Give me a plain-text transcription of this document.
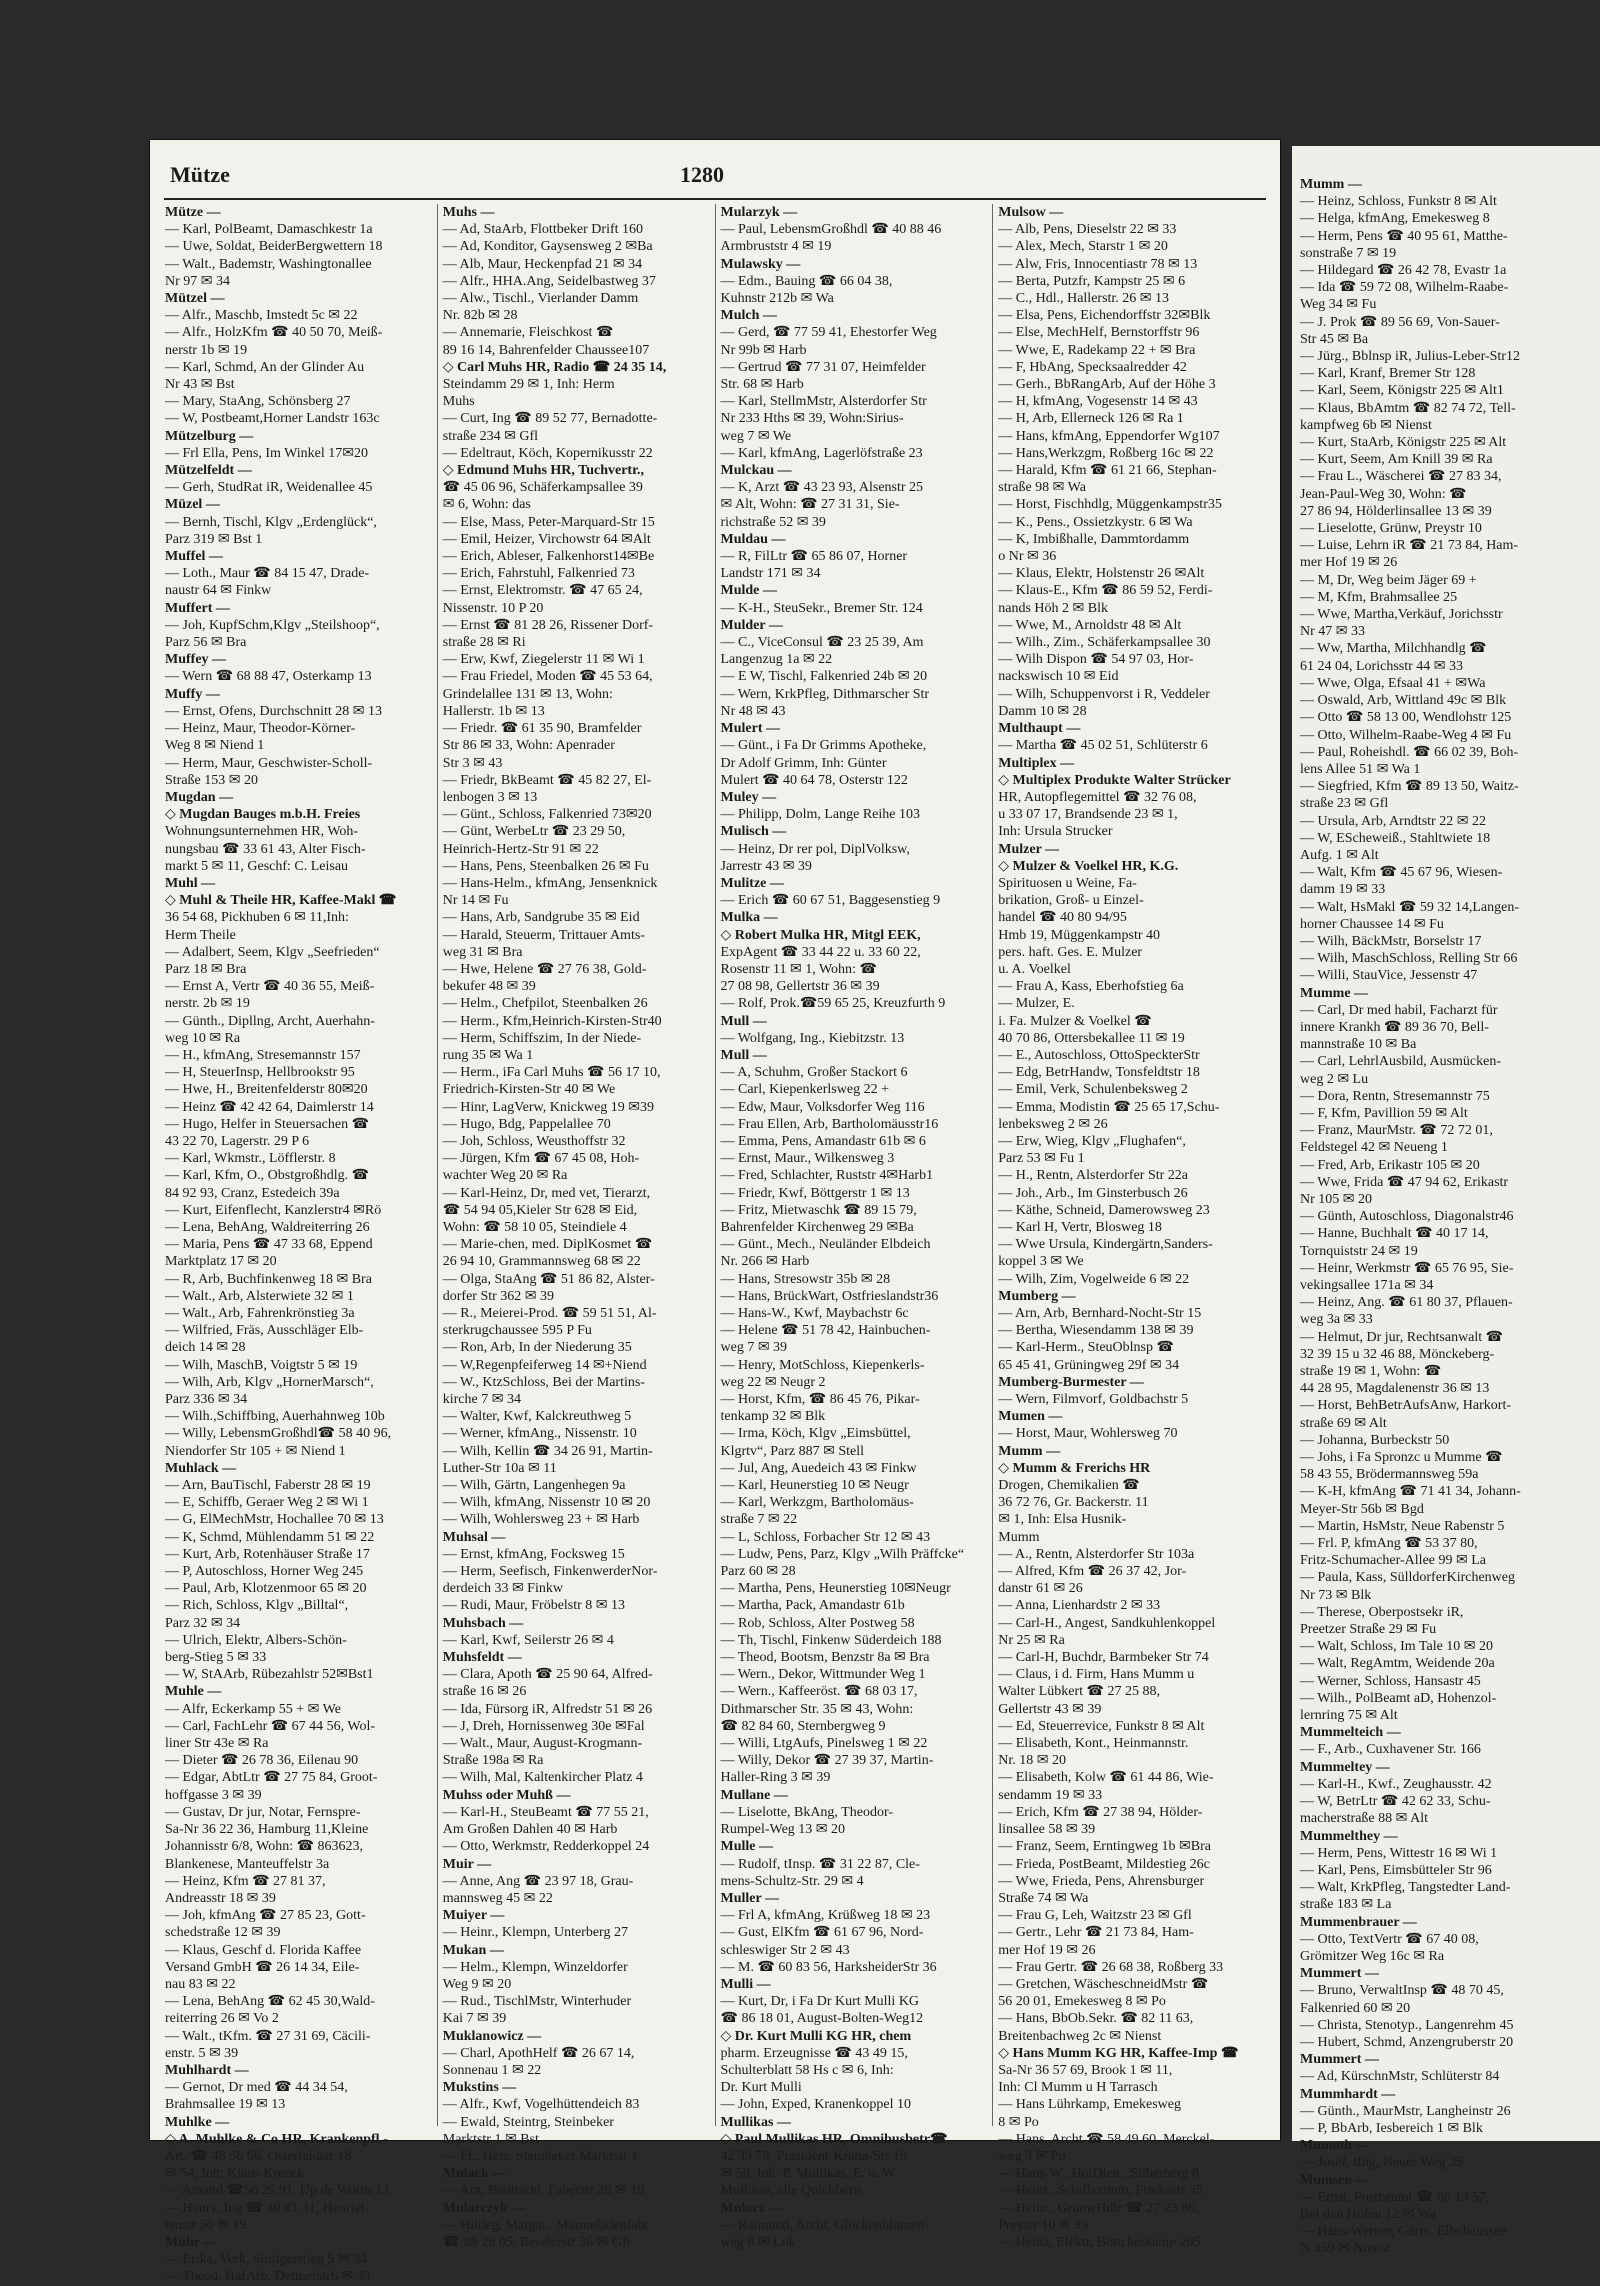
Mütze	1280
Mütze —
— Karl, PolBeamt, Damaschkestr 1a
— Uwe, Soldat, BeiderBergwettern 18
— Walt., Bademstr, Washingtonallee
Nr 97 ✉ 34
Mützel —
— Alfr., Maschb, Imstedt 5c ✉ 22
— Alfr., HolzKfm ☎ 40 50 70, Meiß-
nerstr 1b ✉ 19
— Karl, Schmd, An der Glinder Au
Nr 43 ✉ Bst
— Mary, StaAng, Schönsberg 27
— W, Postbeamt,Horner Landstr 163c
Mützelburg —
— Frl Ella, Pens, Im Winkel 17✉20
Mützelfeldt —
— Gerh, StudRat iR, Weidenallee 45
Müzel —
— Bernh, Tischl, Klgv „Erdenglück“,
Parz 319 ✉ Bst 1
Muffel —
— Loth., Maur ☎ 84 15 47, Drade-
naustr 64 ✉ Finkw
Muffert —
— Joh, KupfSchm,Klgv „Steilshoop“,
Parz 56 ✉ Bra
Muffey —
— Wern ☎ 68 88 47, Osterkamp 13
Muffy —
— Ernst, Ofens, Durchschnitt 28 ✉ 13
— Heinz, Maur, Theodor-Körner-
Weg 8 ✉ Niend 1
— Herm, Maur, Geschwister-Scholl-
Straße 153 ✉ 20
Mugdan —
◇ Mugdan Bauges m.b.H. Freies
Wohnungsunternehmen HR, Woh-
nungsbau ☎ 33 61 43, Alter Fisch-
markt 5 ✉ 11, Geschf: C. Leisau
Muhl —
◇ Muhl & Theile HR, Kaffee-Makl ☎
36 54 68, Pickhuben 6 ✉ 11,Inh:
Herm Theile
— Adalbert, Seem, Klgv „Seefrieden“
Parz 18 ✉ Bra
— Ernst A, Vertr ☎ 40 36 55, Meiß-
nerstr. 2b ✉ 19
— Günth., Dipllng, Archt, Auerhahn-
weg 10 ✉ Ra
— H., kfmAng, Stresemannstr 157
— H, SteuerInsp, Hellbrookstr 95
— Hwe, H., Breitenfelderstr 80✉20
— Heinz ☎ 42 42 64, Daimlerstr 14
— Hugo, Helfer in Steuersachen ☎
43 22 70, Lagerstr. 29 P 6
— Karl, Wkmstr., Löfflerstr. 8
— Karl, Kfm, O., Obstgroßhdlg. ☎
84 92 93, Cranz, Estedeich 39a
— Kurt, Eifenflecht, Kanzlerstr4 ✉Rö
— Lena, BehAng, Waldreiterring 26
— Maria, Pens ☎ 47 33 68, Eppend
Marktplatz 17 ✉ 20
— R, Arb, Buchfinkenweg 18 ✉ Bra
— Walt., Arb, Alsterwiete 32 ✉ 1
— Walt., Arb, Fahrenkrönstieg 3a
— Wilfried, Fräs, Ausschläger Elb-
deich 14 ✉ 28
— Wilh, MaschB, Voigtstr 5 ✉ 19
— Wilh, Arb, Klgv „HornerMarsch“,
Parz 336 ✉ 34
— Wilh.,Schiffbing, Auerhahnweg 10b
— Willy, LebensmGroßhdl☎ 58 40 96,
Niendorfer Str 105 + ✉ Niend 1
Muhlack —
— Arn, BauTischl, Faberstr 28 ✉ 19
— E, Schiffb, Geraer Weg 2 ✉ Wi 1
— G, ElMechMstr, Hochallee 70 ✉ 13
— K, Schmd, Mühlendamm 51 ✉ 22
— Kurt, Arb, Rotenhäuser Straße 17
— P, Autoschloss, Horner Weg 245
— Paul, Arb, Klotzenmoor 65 ✉ 20
— Rich, Schloss, Klgv „Billtal“,
Parz 32 ✉ 34
— Ulrich, Elektr, Albers-Schön-
berg-Stieg 5 ✉ 33
— W, StAArb, Rübezahlstr 52✉Bst1
Muhle —
— Alfr, Eckerkamp 55 + ✉ We
— Carl, FachLehr ☎ 67 44 56, Wol-
liner Str 43e ✉ Ra
— Dieter ☎ 26 78 36, Eilenau 90
— Edgar, AbtLtr ☎ 27 75 84, Groot-
hoffgasse 3 ✉ 39
— Gustav, Dr jur, Notar, Fernspre-
Sa-Nr 36 22 36, Hamburg 11,Kleine
Johannisstr 6/8, Wohn: ☎ 863623,
Blankenese, Manteuffelstr 3a
— Heinz, Kfm ☎ 27 81 37,
Andreasstr 18 ✉ 39
— Joh, kfmAng ☎ 27 85 23, Gott-
schedstraße 12 ✉ 39
— Klaus, Geschf d. Florida Kaffee
Versand GmbH ☎ 26 14 34, Eile-
nau 83 ✉ 22
— Lena, BehAng ☎ 62 45 30,Wald-
reiterring 26 ✉ Vo 2
— Walt., tKfm. ☎ 27 31 69, Cäcili-
enstr. 5 ✉ 39
Muhlhardt —
— Gernot, Dr med ☎ 44 34 54,
Brahmsallee 19 ✉ 13
Muhlke —
◇ A. Muhlke & Co HR, Krankenpfl.-
Art. ☎ 48 56 66, Osterfeldstr 18
✉ 54, Inh: Klaus Kreeck
— Amand ☎56 25 91, Up de Worth 13
— Henry, Ing ☎ 40 81 31, Henriet-
tenstr 50 ✉ 19
Muhr —
— Erika, Verk, Smitgerstieg 5 ✉ 34
— Theod, HafArb, Detmerstr6 ✉ 33
Muhs —
— Ad, StaArb, Flottbeker Drift 160
— Ad, Konditor, Gaysensweg 2 ✉Ba
— Alb, Maur, Heckenpfad 21 ✉ 34
— Alfr., HHA.Ang, Seidelbastweg 37
— Alw., Tischl., Vierlander Damm
Nr. 82b ✉ 28
— Annemarie, Fleischkost ☎
89 16 14, Bahrenfelder Chaussee107
◇ Carl Muhs HR, Radio ☎ 24 35 14,
Steindamm 29 ✉ 1, Inh: Herm
Muhs
— Curt, Ing ☎ 89 52 77, Bernadotte-
straße 234 ✉ Gfl
— Edeltraut, Köch, Kopernikusstr 22
◇ Edmund Muhs HR, Tuchvertr.,
☎ 45 06 96, Schäferkampsallee 39
✉ 6, Wohn: das
— Else, Mass, Peter-Marquard-Str 15
— Emil, Heizer, Virchowstr 64 ✉Alt
— Erich, Ableser, Falkenhorst14✉Be
— Erich, Fahrstuhl, Falkenried 73
— Ernst, Elektromstr. ☎ 47 65 24,
Nissenstr. 10 P 20
— Ernst ☎ 81 28 26, Rissener Dorf-
straße 28 ✉ Ri
— Erw, Kwf, Ziegelerstr 11 ✉ Wi 1
— Frau Friedel, Moden ☎ 45 53 64,
Grindelallee 131 ✉ 13, Wohn:
Hallerstr. 1b ✉ 13
— Friedr. ☎ 61 35 90, Bramfelder
Str 86 ✉ 33, Wohn: Apenrader
Str 3 ✉ 43
— Friedr, BkBeamt ☎ 45 82 27, El-
lenbogen 3 ✉ 13
— Günt., Schloss, Falkenried 73✉20
— Günt, WerbeLtr ☎ 23 29 50,
Heinrich-Hertz-Str 91 ✉ 22
— Hans, Pens, Steenbalken 26 ✉ Fu
— Hans-Helm., kfmAng, Jensenknick
Nr 14 ✉ Fu
— Hans, Arb, Sandgrube 35 ✉ Eid
— Harald, Steuerm, Trittauer Amts-
weg 31 ✉ Bra
— Hwe, Helene ☎ 27 76 38, Gold-
bekufer 48 ✉ 39
— Helm., Chefpilot, Steenbalken 26
— Herm., Kfm,Heinrich-Kirsten-Str40
— Herm, Schiffszim, In der Niede-
rung 35 ✉ Wa 1
— Herm., iFa Carl Muhs ☎ 56 17 10,
Friedrich-Kirsten-Str 40 ✉ We
— Hinr, LagVerw, Knickweg 19 ✉39
— Hugo, Bdg, Pappelallee 70
— Joh, Schloss, Weusthoffstr 32
— Jürgen, Kfm ☎ 67 45 08, Hoh-
wachter Weg 20 ✉ Ra
— Karl-Heinz, Dr, med vet, Tierarzt,
☎ 54 94 05,Kieler Str 628 ✉ Eid,
Wohn: ☎ 58 10 05, Steindiele 4
— Marie-chen, med. DiplKosmet ☎
26 94 10, Grammannsweg 68 ✉ 22
— Olga, StaAng ☎ 51 86 82, Alster-
dorfer Str 362 ✉ 39
— R., Meierei-Prod. ☎ 59 51 51, Al-
sterkrugchaussee 595 P Fu
— Ron, Arb, In der Niederung 35
— W,Regenpfeiferweg 14 ✉+Niend
— W., KtzSchloss, Bei der Martins-
kirche 7 ✉ 34
— Walter, Kwf, Kalckreuthweg 5
— Werner, kfmAng., Nissenstr. 10
— Wilh, Kellin ☎ 34 26 91, Martin-
Luther-Str 10a ✉ 11
— Wilh, Gärtn, Langenhegen 9a
— Wilh, kfmAng, Nissenstr 10 ✉ 20
— Wilh, Wohlersweg 23 + ✉ Harb
Muhsal —
— Ernst, kfmAng, Focksweg 15
— Herm, Seefisch, FinkenwerderNor-
derdeich 33 ✉ Finkw
— Rudi, Maur, Fröbelstr 8 ✉ 13
Muhsbach —
— Karl, Kwf, Seilerstr 26 ✉ 4
Muhsfeldt —
— Clara, Apoth ☎ 25 90 64, Alfred-
straße 16 ✉ 26
— Ida, Fürsorg iR, Alfredstr 51 ✉ 26
— J, Dreh, Hornissenweg 30e ✉Fal
— Walt., Maur, August-Krogmann-
Straße 198a ✉ Ra
— Wilh, Mal, Kaltenkircher Platz 4
Muhss oder Muhß —
— Karl-H., SteuBeamt ☎ 77 55 21,
Am Großen Dahlen 40 ✉ Harb
— Otto, Werkmstr, Redderkoppel 24
Muir —
— Anne, Ang ☎ 23 97 18, Grau-
mannsweg 45 ✉ 22
Muiyer —
— Heinr., Klempn, Unterberg 27
Mukan —
— Helm., Klempn, Winzeldorfer
Weg 9 ✉ 20
— Rud., TischlMstr, Winterhuder
Kai 7 ✉ 39
Muklanowicz —
— Charl, ApothHelf ☎ 26 67 14,
Sonnenau 1 ✉ 22
Mukstins —
— Alfr., Kwf, Vogelhüttendeich 83
— Ewald, Steintrg, Steinbeker
Marktstr 1 ✉ Bst
— Fr., Heiz, Steinbeker Marktstr 1
Mulack —
— Arn, Bautischl, Faberstr 28 ✉ 19
Mularczyk —
— Hildeg, Margar., Marmeladenfabr
☎ 89 29 05, Beselerstr 36 ✉ Gfl
Mularzyk —
— Paul, LebensmGroßhdl ☎ 40 88 46
Armbruststr 4 ✉ 19
Mulawsky —
— Edm., Bauing ☎ 66 04 38,
Kuhnstr 212b ✉ Wa
Mulch —
— Gerd, ☎ 77 59 41, Ehestorfer Weg
Nr 99b ✉ Harb
— Gertrud ☎ 77 31 07, Heimfelder
Str. 68 ✉ Harb
— Karl, StellmMstr, Alsterdorfer Str
Nr 233 Hths ✉ 39, Wohn:Sirius-
weg 7 ✉ We
— Karl, kfmAng, Lagerlöfstraße 23
Mulckau —
— K, Arzt ☎ 43 23 93, Alsenstr 25
✉ Alt, Wohn: ☎ 27 31 31, Sie-
richstraße 52 ✉ 39
Muldau —
— R, FilLtr ☎ 65 86 07, Horner
Landstr 171 ✉ 34
Mulde —
— K-H., SteuSekr., Bremer Str. 124
Mulder —
— C., ViceConsul ☎ 23 25 39, Am
Langenzug 1a ✉ 22
— E W, Tischl, Falkenried 24b ✉ 20
— Wern, KrkPfleg, Dithmarscher Str
Nr 48 ✉ 43
Mulert —
— Günt., i Fa Dr Grimms Apotheke,
Dr Adolf Grimm, Inh: Günter
Mulert ☎ 40 64 78, Osterstr 122
Muley —
— Philipp, Dolm, Lange Reihe 103
Mulisch —
— Heinz, Dr rer pol, DiplVolksw,
Jarrestr 43 ✉ 39
Mulitze —
— Erich ☎ 60 67 51, Baggesenstieg 9
Mulka —
◇ Robert Mulka HR, Mitgl EEK,
ExpAgent ☎ 33 44 22 u. 33 60 22,
Rosenstr 11 ✉ 1, Wohn: ☎
27 08 98, Gellertstr 36 ✉ 39
— Rolf, Prok.☎59 65 25, Kreuzfurth 9
Mull —
— Wolfgang, Ing., Kiebitzstr. 13
Mull —
— A, Schuhm, Großer Stackort 6
— Carl, Kiepenkerlsweg 22 +
— Edw, Maur, Volksdorfer Weg 116
— Frau Ellen, Arb, Bartholomäusstr16
— Emma, Pens, Amandastr 61b ✉ 6
— Ernst, Maur., Wilkensweg 3
— Fred, Schlachter, Ruststr 4✉Harb1
— Friedr, Kwf, Böttgerstr 1 ✉ 13
— Fritz, Mietwaschk ☎ 89 15 79,
Bahrenfelder Kirchenweg 29 ✉Ba
— Günt., Mech., Neuländer Elbdeich
Nr. 266 ✉ Harb
— Hans, Stresowstr 35b ✉ 28
— Hans, BrückWart, Ostfrieslandstr36
— Hans-W., Kwf, Maybachstr 6c
— Helene ☎ 51 78 42, Hainbuchen-
weg 7 ✉ 39
— Henry, MotSchloss, Kiepenkerls-
weg 22 ✉ Neugr 2
— Horst, Kfm, ☎ 86 45 76, Pikar-
tenkamp 32 ✉ Blk
— Irma, Köch, Klgv „Eimsbüttel,
Klgrtv“, Parz 887 ✉ Stell
— Jul, Ang, Auedeich 43 ✉ Finkw
— Karl, Heunerstieg 10 ✉ Neugr
— Karl, Werkzgm, Bartholomäus-
straße 7 ✉ 22
— L, Schloss, Forbacher Str 12 ✉ 43
— Ludw, Pens, Parz, Klgv „Wilh Präffcke“
Parz 60 ✉ 28
— Martha, Pens, Heunerstieg 10✉Neugr
— Martha, Pack, Amandastr 61b
— Rob, Schloss, Alter Postweg 58
— Th, Tischl, Finkenw Süderdeich 188
— Theod, Bootsm, Benzstr 8a ✉ Bra
— Wern., Dekor, Wittmunder Weg 1
— Wern., Kaffeeröst. ☎ 68 03 17,
Dithmarscher Str. 35 ✉ 43, Wohn:
☎ 82 84 60, Sternbergweg 9
— Willi, LtgAufs, Pinelsweg 1 ✉ 22
— Willy, Dekor ☎ 27 39 37, Martin-
Haller-Ring 3 ✉ 39
Mullane —
— Liselotte, BkAng, Theodor-
Rumpel-Weg 13 ✉ 20
Mulle —
— Rudolf, tInsp. ☎ 31 22 87, Cle-
mens-Schultz-Str. 29 ✉ 4
Muller —
— Frl A, kfmAng, Krüßweg 18 ✉ 23
— Gust, ElKfm ☎ 61 67 96, Nord-
schleswiger Str 2 ✉ 43
— M. ☎ 60 83 56, HarksheiderStr 36
Mulli —
— Kurt, Dr, i Fa Dr Kurt Mulli KG
☎ 86 18 01, August-Bolten-Weg12
◇ Dr. Kurt Mulli KG HR, chem
pharm. Erzeugnisse ☎ 43 49 15,
Schulterblatt 58 Hs c ✉ 6, Inh:
Dr. Kurt Mulli
— John, Exped, Kranenkoppel 10
Mullikas —
◇ Paul Mullikas HR, Omnibusbetr☎
42 39 78, Präsident-Krahn-Str 19
✉ 50, Inh: P. Mullikas, E. u. W.
Mullikas, alle Quickborn
Mulorz —
— Raimund, Archt, Glockenblumen-
weg 6 ✉ Lok
Mulsow —
— Alb, Pens, Dieselstr 22 ✉ 33
— Alex, Mech, Starstr 1 ✉ 20
— Alw, Fris, Innocentiastr 78 ✉ 13
— Berta, Putzfr, Kampstr 25 ✉ 6
— C., Hdl., Hallerstr. 26 ✉ 13
— Elsa, Pens, Eichendorffstr 32✉Blk
— Else, MechHelf, Bernstorffstr 96
— Wwe, E, Radekamp 22 + ✉ Bra
— F, HbAng, Specksaalredder 42
— Gerh., BbRangArb, Auf der Höhe 3
— H, kfmAng, Vogesenstr 14 ✉ 43
— H, Arb, Ellerneck 126 ✉ Ra 1
— Hans, kfmAng, Eppendorfer Wg107
— Hans,Werkzgm, Roßberg 16c ✉ 22
— Harald, Kfm ☎ 61 21 66, Stephan-
straße 98 ✉ Wa
— Horst, Fischhdlg, Müggenkampstr35
— K., Pens., Ossietzkystr. 6 ✉ Wa
— K, Imbißhalle, Dammtordamm
o Nr ✉ 36
— Klaus, Elektr, Holstenstr 26 ✉Alt
— Klaus-E., Kfm ☎ 86 59 52, Ferdi-
nands Höh 2 ✉ Blk
— Wwe, M., Arnoldstr 48 ✉ Alt
— Wilh., Zim., Schäferkampsallee 30
— Wilh Dispon ☎ 54 97 03, Hor-
nackswisch 10 ✉ Eid
— Wilh, Schuppenvorst i R, Veddeler
Damm 10 ✉ 28
Multhaupt —
— Martha ☎ 45 02 51, Schlüterstr 6
Multiplex —
◇ Multiplex Produkte Walter Strücker
HR, Autopflegemittel ☎ 32 76 08,
u 33 07 17, Brandsende 23 ✉ 1,
Inh: Ursula Strucker
Mulzer —
◇ Mulzer & Voelkel HR, K.G.
Spirituosen u Weine, Fa-
brikation, Groß- u Einzel-
handel ☎ 40 80 94/95
Hmb 19, Müggenkampstr 40
pers. haft. Ges. E. Mulzer
u. A. Voelkel
— Frau A, Kass, Eberhofstieg 6a
— Mulzer, E.
i. Fa. Mulzer & Voelkel ☎
40 70 86, Ottersbekallee 11 ✉ 19
— E., Autoschloss, OttoSpeckterStr
— Edg, BetrHandw, Tonsfeldtstr 18
— Emil, Verk, Schulenbeksweg 2
— Emma, Modistin ☎ 25 65 17,Schu-
lenbeksweg 2 ✉ 26
— Erw, Wieg, Klgv „Flughafen“,
Parz 53 ✉ Fu 1
— H., Rentn, Alsterdorfer Str 22a
— Joh., Arb., Im Ginsterbusch 26
— Käthe, Schneid, Damerowsweg 23
— Karl H, Vertr, Blosweg 18
— Wwe Ursula, Kindergärtn,Sanders-
koppel 3 ✉ We
— Wilh, Zim, Vogelweide 6 ✉ 22
Mumberg —
— Arn, Arb, Bernhard-Nocht-Str 15
— Bertha, Wiesendamm 138 ✉ 39
— Karl-Herm., SteuOblnsp ☎
65 45 41, Grüningweg 29f ✉ 34
Mumberg-Burmester —
— Wern, Filmvorf, Goldbachstr 5
Mumen —
— Horst, Maur, Wohlersweg 70
Mumm —
◇ Mumm & Frerichs HR
Drogen, Chemikalien ☎
36 72 76, Gr. Backerstr. 11
✉ 1, Inh: Elsa Husnik-
Mumm
— A., Rentn, Alsterdorfer Str 103a
— Alfred, Kfm ☎ 26 37 42, Jor-
danstr 61 ✉ 26
— Anna, Lienhardstr 2 ✉ 33
— Carl-H., Angest, Sandkuhlenkoppel
Nr 25 ✉ Ra
— Carl-H, Buchdr, Barmbeker Str 74
— Claus, i d. Firm, Hans Mumm u
Walter Lübkert ☎ 27 25 88,
Gellertstr 43 ✉ 39
— Ed, Steuerrevice, Funkstr 8 ✉ Alt
— Elisabeth, Kont., Heinmannstr.
Nr. 18 ✉ 20
— Elisabeth, Kolw ☎ 61 44 86, Wie-
sendamm 19 ✉ 33
— Erich, Kfm ☎ 27 38 94, Hölder-
linsallee 58 ✉ 39
— Franz, Seem, Erntingweg 1b ✉Bra
— Frieda, PostBeamt, Mildestieg 26c
— Wwe, Frieda, Pens, Ahrensburger
Straße 74 ✉ Wa
— Frau G, Leh, Waitzstr 23 ✉ Gfl
— Gertr., Lehr ☎ 21 73 84, Ham-
mer Hof 19 ✉ 26
— Frau Gertr. ☎ 26 68 38, Roßberg 33
— Gretchen, WäscheschneidMstr ☎
56 20 01, Emekesweg 8 ✉ Po
— Hans, BbOb.Sekr. ☎ 82 11 63,
Breitenbachweg 2c ✉ Nienst
◇ Hans Mumm KG HR, Kaffee-Imp ☎
Sa-Nr 36 57 69, Brook 1 ✉ 11,
Inh: Cl Mumm u H Tarrasch
— Hans Lührkamp, Emekesweg
8 ✉ Po
— Hans, Archt ☎ 58 49 60, Merckel-
weg 3 ✉ Po
— Hans-W., HotDien., Silberberg 8
— Heinr., Schiffszimm, Frickestr 35
— Heinr., GrünwHdlr ☎ 27 23 86,
Preystr 10 ✉ 39
— Heinz, Elektr, Böttcherkamp 205
Mumm —
— Heinz, Schloss, Funkstr 8 ✉ Alt
— Helga, kfmAng, Emekesweg 8
— Herm, Pens ☎ 40 95 61, Matthe-
sonstraße 7 ✉ 19
— Hildegard ☎ 26 42 78, Evastr 1a
— Ida ☎ 59 72 08, Wilhelm-Raabe-
Weg 34 ✉ Fu
— J. Prok ☎ 89 56 69, Von-Sauer-
Str 45 ✉ Ba
— Jürg., Bblnsp iR, Julius-Leber-Str12
— Karl, Kranf, Bremer Str 128
— Karl, Seem, Königstr 225 ✉ Alt1
— Klaus, BbAmtm ☎ 82 74 72, Tell-
kampfweg 6b ✉ Nienst
— Kurt, StaArb, Königstr 225 ✉ Alt
— Kurt, Seem, Am Knill 39 ✉ Ra
— Frau L., Wäscherei ☎ 27 83 34,
Jean-Paul-Weg 30, Wohn: ☎
27 86 94, Hölderlinsallee 13 ✉ 39
— Lieselotte, Grünw, Preystr 10
— Luise, Lehrn iR ☎ 21 73 84, Ham-
mer Hof 19 ✉ 26
— M, Dr, Weg beim Jäger 69 +
— M, Kfm, Brahmsallee 25
— Wwe, Martha,Verkäuf, Jorichsstr
Nr 47 ✉ 33
— Ww, Martha, Milchhandlg ☎
61 24 04, Lorichsstr 44 ✉ 33
— Wwe, Olga, Efsaal 41 + ✉Wa
— Oswald, Arb, Wittland 49c ✉ Blk
— Otto ☎ 58 13 00, Wendlohstr 125
— Otto, Wilhelm-Raabe-Weg 4 ✉ Fu
— Paul, Roheishdl. ☎ 66 02 39, Boh-
lens Allee 51 ✉ Wa 1
— Siegfried, Kfm ☎ 89 13 50, Waitz-
straße 23 ✉ Gfl
— Ursula, Arb, Arndtstr 22 ✉ 22
— W, EScheweiß., Stahltwiete 18
Aufg. 1 ✉ Alt
— Walt, Kfm ☎ 45 67 96, Wiesen-
damm 19 ✉ 33
— Walt, HsMakl ☎ 59 32 14,Langen-
horner Chaussee 14 ✉ Fu
— Wilh, BäckMstr, Borselstr 17
— Wilh, MaschSchloss, Relling Str 66
— Willi, StauVice, Jessenstr 47
Mumme —
— Carl, Dr med habil, Facharzt für
innere Krankh ☎ 89 36 70, Bell-
mannstraße 10 ✉ Ba
— Carl, LehrlAusbild, Ausmücken-
weg 2 ✉ Lu
— Dora, Rentn, Stresemannstr 75
— F, Kfm, Pavillion 59 ✉ Alt
— Franz, MaurMstr. ☎ 72 72 01,
Feldstegel 42 ✉ Neueng 1
— Fred, Arb, Erikastr 105 ✉ 20
— Wwe, Frida ☎ 47 94 62, Erikastr
Nr 105 ✉ 20
— Günth, Autoschloss, Diagonalstr46
— Hanne, Buchhalt ☎ 40 17 14,
Tornquiststr 24 ✉ 19
— Heinr, Werkmstr ☎ 65 76 95, Sie-
vekingsallee 171a ✉ 34
— Heinz, Ang. ☎ 61 80 37, Pflauen-
weg 3a ✉ 33
— Helmut, Dr jur, Rechtsanwalt ☎
32 39 15 u 32 46 88, Mönckeberg-
straße 19 ✉ 1, Wohn: ☎
44 28 95, Magdalenenstr 36 ✉ 13
— Horst, BehBetrAufsAnw, Harkort-
straße 69 ✉ Alt
— Johanna, Burbeckstr 50
— Johs, i Fa Spronzc u Mumme ☎
58 43 55, Brödermannsweg 59a
— K-H, kfmAng ☎ 71 41 34, Johann-
Meyer-Str 56b ✉ Bgd
— Martin, HsMstr, Neue Rabenstr 5
— Frl. P, kfmAng ☎ 53 37 80,
Fritz-Schumacher-Allee 99 ✉ La
— Paula, Kass, SülldorferKirchenweg
Nr 73 ✉ Blk
— Therese, Oberpostsekr iR,
Preetzer Straße 29 ✉ Fu
— Walt, Schloss, Im Tale 10 ✉ 20
— Walt, RegAmtm, Weidende 20a
— Werner, Schloss, Hansastr 45
— Wilh., PolBeamt aD, Hohenzol-
lernring 75 ✉ Alt
Mummelteich —
— F., Arb., Cuxhavener Str. 166
Mummeltey —
— Karl-H., Kwf., Zeughausstr. 42
— W, BetrLtr ☎ 42 62 33, Schu-
macherstraße 88 ✉ Alt
Mummelthey —
— Herm, Pens, Wittestr 16 ✉ Wi 1
— Karl, Pens, Eimsbütteler Str 96
— Walt, KrkPfleg, Tangstedter Land-
straße 183 ✉ La
Mummenbrauer —
— Otto, TextVertr ☎ 67 40 08,
Grömitzer Weg 16c ✉ Ra
Mummert —
— Bruno, VerwaltInsp ☎ 48 70 45,
Falkenried 60 ✉ 20
— Christa, Stenotyp., Langenrehm 45
— Hubert, Schmd, Anzengruberstr 20
Mummert —
— Ad, KürschnMstr, Schlüterstr 84
Mummhardt —
— Günth., MaurMstr, Langheinstr 26
— P, BbArb, Iesbereich 1 ✉ Blk
Mumoth —
— Josef, tIng, Neuer Weg 35
Mumsen —
— Ernst, Postbeamt ☎ 66 13 57,
Bei den Höfen 12 ✉ Wa
— Hans-Werner, Gärtn, Elbchaussee
N 359 ✉ Nienst
